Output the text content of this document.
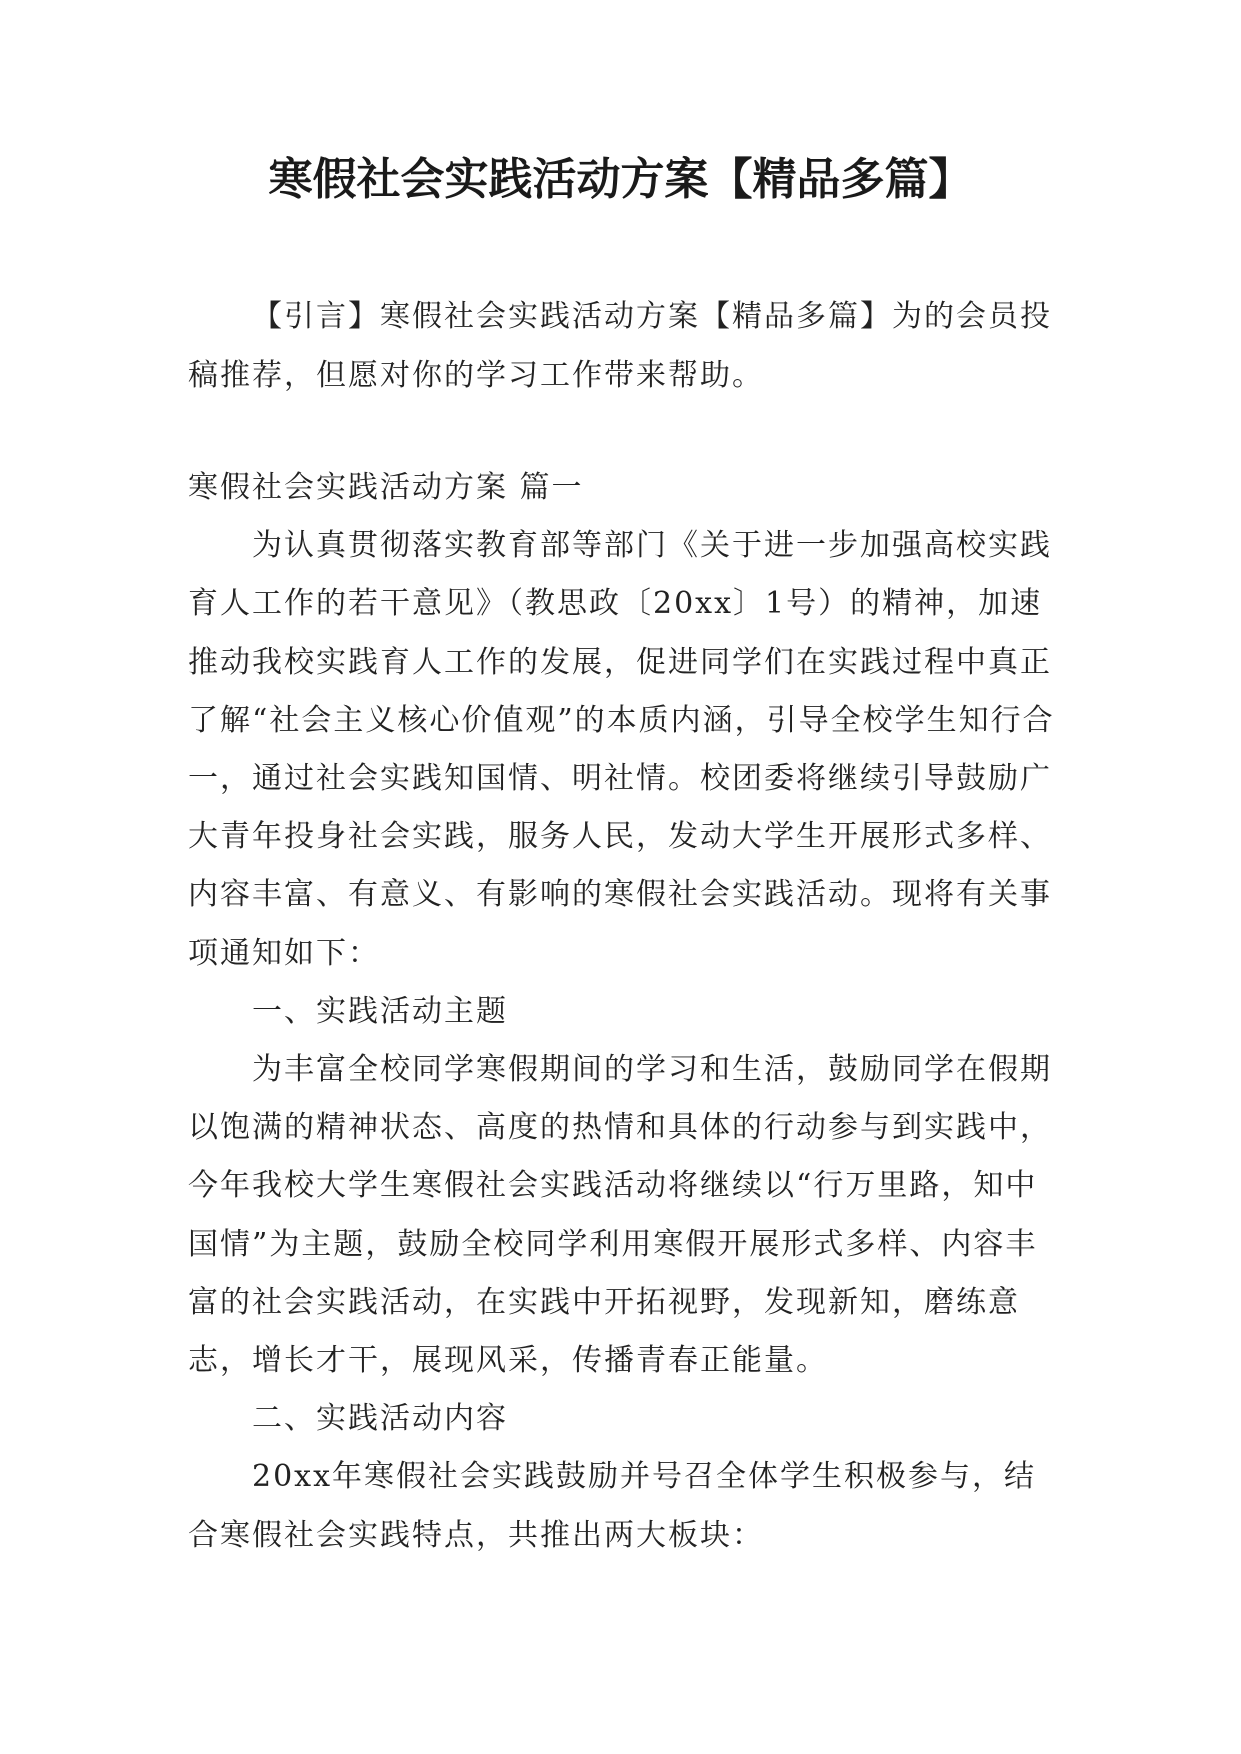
寒假社会实践活动方案【精品多篇】

【引言】寒假社会实践活动方案【精品多篇】为的会员投稿推荐，但愿对你的学习工作带来帮助。

寒假社会实践活动方案 篇一

为认真贯彻落实教育部等部门《关于进一步加强高校实践育人工作的若干意见》（教思政〔20xx〕1号）的精神，加速推动我校实践育人工作的发展，促进同学们在实践过程中真正了解“社会主义核心价值观”的本质内涵，引导全校学生知行合一，通过社会实践知国情、明社情。校团委将继续引导鼓励广大青年投身社会实践，服务人民，发动大学生开展形式多样、内容丰富、有意义、有影响的寒假社会实践活动。现将有关事项通知如下：

一、实践活动主题

为丰富全校同学寒假期间的学习和生活，鼓励同学在假期以饱满的精神状态、高度的热情和具体的行动参与到实践中，今年我校大学生寒假社会实践活动将继续以“行万里路，知中国情”为主题，鼓励全校同学利用寒假开展形式多样、内容丰富的社会实践活动，在实践中开拓视野，发现新知，磨练意志，增长才干，展现风采，传播青春正能量。

二、实践活动内容

20xx年寒假社会实践鼓励并号召全体学生积极参与，结合寒假社会实践特点，共推出两大板块：
